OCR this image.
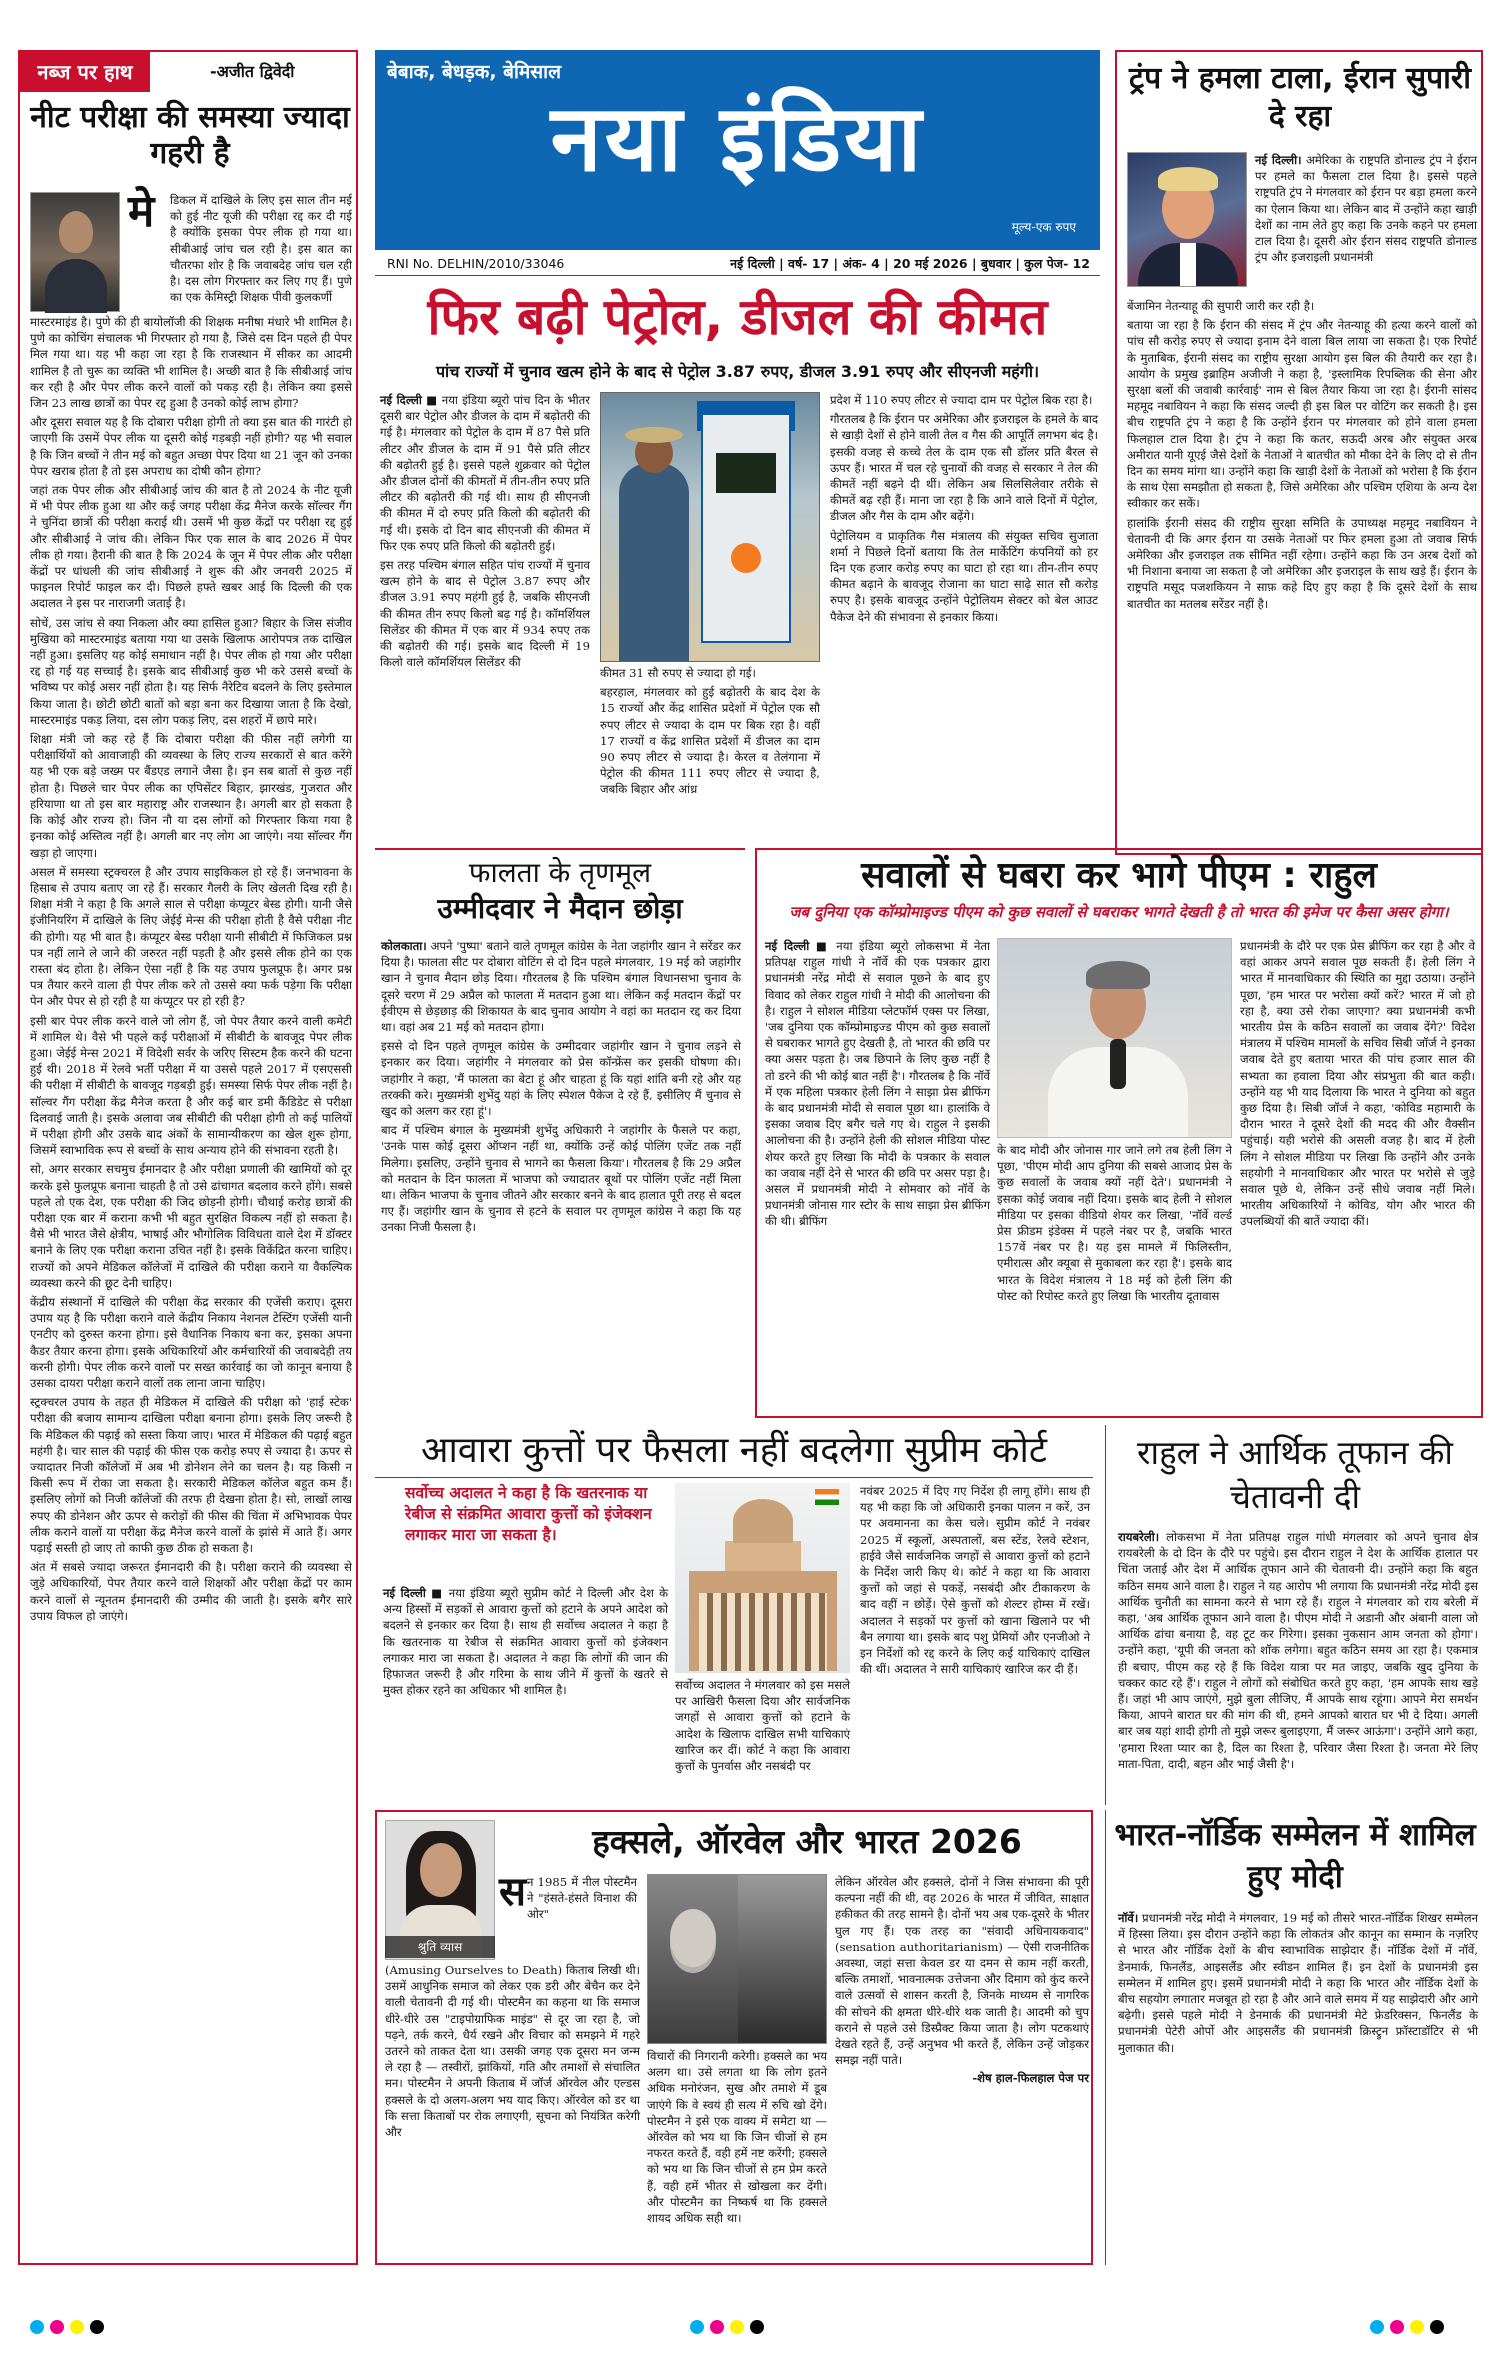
नब्ज पर हाथ	-अजीत द्विवेदी
नीट परीक्षा की समस्या ज्यादा गहरी है
मे डिकल में दाखिले के लिए इस साल तीन मई को हुई नीट यूजी की परीक्षा रद्द कर दी गई है क्योंकि इसका पेपर लीक हो गया था। सीबीआई जांच चल रही है। इस बात का चौतरफा शोर है कि जवाबदेह जांच चल रही है। दस लोग गिरफ्तार कर लिए गए हैं। पुणे का एक केमिस्ट्री शिक्षक पीवी कुलकर्णी

मास्टरमाइंड है। पुणे की ही बायोलॉजी की शिक्षक मनीषा मंधारे भी शामिल है। पुणे का कोचिंग संचालक भी गिरफ्तार हो गया है, जिसे दस दिन पहले ही पेपर मिल गया था। यह भी कहा जा रहा है कि राजस्थान में सीकर का आदमी शामिल है तो चुरू का व्यक्ति भी शामिल है। अच्छी बात है कि सीबीआई जांच कर रही है और पेपर लीक करने वालों को पकड़ रही है। लेकिन क्या इससे जिन 23 लाख छात्रों का पेपर रद्द हुआ है उनको कोई लाभ होगा?

और दूसरा सवाल यह है कि दोबारा परीक्षा होगी तो क्या इस बात की गारंटी हो जाएगी कि उसमें पेपर लीक या दूसरी कोई गड़बड़ी नहीं होगी? यह भी सवाल है कि जिन बच्चों ने तीन मई को बहुत अच्छा पेपर दिया था 21 जून को उनका पेपर खराब होता है तो इस अपराध का दोषी कौन होगा?

जहां तक पेपर लीक और सीबीआई जांच की बात है तो 2024 के नीट यूजी में भी पेपर लीक हुआ था और कई जगह परीक्षा केंद्र मैनेज करके सॉल्वर गैंग ने चुनिंदा छात्रों की परीक्षा कराई थी। उसमें भी कुछ केंद्रों पर परीक्षा रद्द हुई और सीबीआई ने जांच की। लेकिन फिर एक साल के बाद 2026 में पेपर लीक हो गया। हैरानी की बात है कि 2024 के जून में पेपर लीक और परीक्षा केंद्रों पर धांधली की जांच सीबीआई ने शुरू की और जनवरी 2025 में फाइनल रिपोर्ट फाइल कर दी। पिछले हफ्ते खबर आई कि दिल्ली की एक अदालत ने इस पर नाराजगी जताई है।

सोचें, उस जांच से क्या निकला और क्या हासिल हुआ? बिहार के जिस संजीव मुखिया को मास्टरमाइंड बताया गया था उसके खिलाफ आरोपपत्र तक दाखिल नहीं हुआ। इसलिए यह कोई समाधान नहीं है। पेपर लीक हो गया और परीक्षा रद्द हो गई यह सच्चाई है। इसके बाद सीबीआई कुछ भी करे उससे बच्चों के भविष्य पर कोई असर नहीं होता है। यह सिर्फ नैरेटिव बदलने के लिए इस्तेमाल किया जाता है। छोटी छोटी बातों को बड़ा बना कर दिखाया जाता है कि देखो, मास्टरमाइंड पकड़ लिया, दस लोग पकड़ लिए, दस शहरों में छापे मारे।

शिक्षा मंत्री जो कह रहे हैं कि दोबारा परीक्षा की फीस नहीं लगेगी या परीक्षार्थियों को आवाजाही की व्यवस्था के लिए राज्य सरकारों से बात करेंगे यह भी एक बड़े जख्म पर बैंडएड लगाने जैसा है। इन सब बातों से कुछ नहीं होता है। पिछले चार पेपर लीक का एपिसेंटर बिहार, झारखंड, गुजरात और हरियाणा था तो इस बार महाराष्ट्र और राजस्थान है। अगली बार हो सकता है कि कोई और राज्य हो। जिन नौ या दस लोगों को गिरफ्तार किया गया है इनका कोई अस्तित्व नहीं है। अगली बार नए लोग आ जाएंगे। नया सॉल्वर गैंग खड़ा हो जाएगा।

असल में समस्या स्ट्रक्चरल है और उपाय साइकिकल हो रहे हैं। जनभावना के हिसाब से उपाय बताए जा रहे हैं। सरकार गैलरी के लिए खेलती दिख रही है। शिक्षा मंत्री ने कहा है कि अगले साल से परीक्षा कंप्यूटर बेस्ड होगी। यानी जैसे इंजीनियरिंग में दाखिले के लिए जेईई मेन्स की परीक्षा होती है वैसे परीक्षा नीट की होगी। यह भी बात है। कंप्यूटर बेस्ड परीक्षा यानी सीबीटी में फिजिकल प्रश्न पत्र नहीं लाने ले जाने की जरुरत नहीं पड़ती है और इससे लीक होने का एक रास्ता बंद होता है। लेकिन ऐसा नहीं है कि यह उपाय फुलप्रूफ है। अगर प्रश्न पत्र तैयार करने वाला ही पेपर लीक करे तो उससे क्या फर्क पड़ेगा कि परीक्षा पेन और पेपर से हो रही है या कंप्यूटर पर हो रही है?

इसी बार पेपर लीक करने वाले जो लोग हैं, जो पेपर तैयार करने वाली कमेटी में शामिल थे। वैसे भी पहले कई परीक्षाओं में सीबीटी के बावजूद पेपर लीक हुआ। जेईई मेन्स 2021 में विदेशी सर्वर के जरिए सिस्टम हैक करने की घटना हुई थी। 2018 में रेलवे भर्ती परीक्षा में या उससे पहले 2017 में एसएससी की परीक्षा में सीबीटी के बावजूद गड़बड़ी हुई। समस्या सिर्फ पेपर लीक नहीं है। सॉल्वर गैंग परीक्षा केंद्र मैनेज करता है और कई बार डमी कैंडिडेट से परीक्षा दिलवाई जाती है। इसके अलावा जब सीबीटी की परीक्षा होगी तो कई पालियों में परीक्षा होगी और उसके बाद अंकों के सामान्यीकरण का खेल शुरू होगा, जिसमें स्वाभाविक रूप से बच्चों के साथ अन्याय होने की संभावना रहती है।

सो, अगर सरकार सचमुच ईमानदार है और परीक्षा प्रणाली की खामियों को दूर करके इसे फुलप्रूफ बनाना चाहती है तो उसे ढांचागत बदलाव करने होंगे। सबसे पहले तो एक देश, एक परीक्षा की जिद छोड़नी होगी। चौथाई करोड़ छात्रों की परीक्षा एक बार में कराना कभी भी बहुत सुरक्षित विकल्प नहीं हो सकता है। वैसे भी भारत जैसे क्षेत्रीय, भाषाई और भौगोलिक विविधता वाले देश में डॉक्टर बनाने के लिए एक परीक्षा कराना उचित नहीं है। इसके विकेंद्रित करना चाहिए। राज्यों को अपने मेडिकल कॉलेजों में दाखिले की परीक्षा कराने या वैकल्पिक व्यवस्था करने की छूट देनी चाहिए।

केंद्रीय संस्थानों में दाखिले की परीक्षा केंद्र सरकार की एजेंसी कराए। दूसरा उपाय यह है कि परीक्षा कराने वाले केंद्रीय निकाय नेशनल टेस्टिंग एजेंसी यानी एनटीए को दुरुस्त करना होगा। इसे वैधानिक निकाय बना कर, इसका अपना कैडर तैयार करना होगा। इसके अधिकारियों और कर्मचारियों की जवाबदेही तय करनी होगी। पेपर लीक करने वालों पर सख्त कार्रवाई का जो कानून बनाया है उसका दायरा परीक्षा कराने वालों तक लाना जाना चाहिए।

स्ट्रक्चरल उपाय के तहत ही मेडिकल में दाखिले की परीक्षा को 'हाई स्टेक' परीक्षा की बजाय सामान्य दाखिला परीक्षा बनाना होगा। इसके लिए जरूरी है कि मेडिकल की पढ़ाई को सस्ता किया जाए। भारत में मेडिकल की पढ़ाई बहुत महंगी है। चार साल की पढ़ाई की फीस एक करोड़ रुपए से ज्यादा है। ऊपर से ज्यादातर निजी कॉलेजों में अब भी डोनेशन लेने का चलन है। यह किसी न किसी रूप में रोका जा सकता है। सरकारी मेडिकल कॉलेज बहुत कम हैं। इसलिए लोगों को निजी कॉलेजों की तरफ ही देखना होता है। सो, लाखों लाख रुपए की डोनेशन और ऊपर से करोड़ों की फीस की चिंता में अभिभावक पेपर लीक कराने वालों या परीक्षा केंद्र मैनेज करने वालों के झांसे में आते हैं। अगर पढ़ाई सस्ती हो जाए तो काफी कुछ ठीक हो सकता है।

अंत में सबसे ज्यादा जरूरत ईमानदारी की है। परीक्षा कराने की व्यवस्था से जुड़े अधिकारियों, पेपर तैयार करने वाले शिक्षकों और परीक्षा केंद्रों पर काम करने वालों से न्यूनतम ईमानदारी की उम्मीद की जाती है। इसके बगैर सारे उपाय विफल हो जाएंगे।

बेबाक, बेधड़क, बेमिसाल
नया इंडिया
मूल्य-एक रुपए
RNI No. DELHIN/2010/33046	नई दिल्ली | वर्ष- 17 | अंक- 4 | 20 मई 2026 | बुधवार | कुल पेज- 12
फिर बढ़ी पेट्रोल, डीजल की कीमत
पांच राज्यों में चुनाव खत्म होने के बाद से पेट्रोल 3.87 रुपए, डीजल 3.91 रुपए और सीएनजी महंगी।

नई दिल्ली ■ नया इंडिया ब्यूरो पांच दिन के भीतर दूसरी बार पेट्रोल और डीजल के दाम में बढ़ोतरी की गई है। मंगलवार को पेट्रोल के दाम में 87 पैसे प्रति लीटर और डीजल के दाम में 91 पैसे प्रति लीटर की बढ़ोतरी हुई है। इससे पहले शुक्रवार को पेट्रोल और डीजल दोनों की कीमतों में तीन-तीन रुपए प्रति लीटर की बढ़ोतरी की गई थी। साथ ही सीएनजी की कीमत में दो रुपए प्रति किलो की बढ़ोतरी की गई थी। इसके दो दिन बाद सीएनजी की कीमत में फिर एक रुपए प्रति किलो की बढ़ोतरी हुई।

इस तरह पश्चिम बंगाल सहित पांच राज्यों में चुनाव खत्म होने के बाद से पेट्रोल 3.87 रुपए और डीजल 3.91 रुपए महंगी हुई है, जबकि सीएनजी की कीमत तीन रुपए किलो बढ़ गई है। कॉमर्शियल सिलेंडर की कीमत में एक बार में 934 रुपए तक की बढ़ोतरी की गई। इसके बाद दिल्ली में 19 किलो वाले कॉमर्शियल सिलेंडर की

कीमत 31 सौ रुपए से ज्यादा हो गई।

बहरहाल, मंगलवार को हुई बढ़ोतरी के बाद देश के 15 राज्यों और केंद्र शासित प्रदेशों में पेट्रोल एक सौ रुपए लीटर से ज्यादा के दाम पर बिक रहा है। वहीं 17 राज्यों व केंद्र शासित प्रदेशों में डीजल का दाम 90 रुपए लीटर से ज्यादा है। केरल व तेलंगाना में पेट्रोल की कीमत 111 रुपए लीटर से ज्यादा है, जबकि बिहार और आंध्र

प्रदेश में 110 रुपए लीटर से ज्यादा दाम पर पेट्रोल बिक रहा है।

गौरतलब है कि ईरान पर अमेरिका और इजराइल के हमले के बाद से खाड़ी देशों से होने वाली तेल व गैस की आपूर्ति लगभग बंद है। इसकी वजह से कच्चे तेल के दाम एक सौ डॉलर प्रति बैरल से ऊपर हैं। भारत में चल रहे चुनावों की वजह से सरकार ने तेल की कीमतें नहीं बढ़ने दी थीं। लेकिन अब सिलसिलेवार तरीके से कीमतें बढ़ रही हैं। माना जा रहा है कि आने वाले दिनों में पेट्रोल, डीजल और गैस के दाम और बढ़ेंगे।

पेट्रोलियम व प्राकृतिक गैस मंत्रालय की संयुक्त सचिव सुजाता शर्मा ने पिछले दिनों बताया कि तेल मार्केटिंग कंपनियों को हर दिन एक हजार करोड़ रुपए का घाटा हो रहा था। तीन-तीन रुपए कीमत बढ़ाने के बावजूद रोजाना का घाटा साढ़े सात सौ करोड़ रुपए है। इसके बावजूद उन्होंने पेट्रोलियम सेक्टर को बेल आउट पैकेज देने की संभावना से इनकार किया।

ट्रंप ने हमला टाला, ईरान सुपारी दे रहा
नई दिल्ली। अमेरिका के राष्ट्रपति डोनाल्ड ट्रंप ने ईरान पर हमले का फैसला टाल दिया है। इससे पहले राष्ट्रपति ट्रंप ने मंगलवार को ईरान पर बड़ा हमला करने का ऐलान किया था। लेकिन बाद में उन्होंने कहा खाड़ी देशों का नाम लेते हुए कहा कि उनके कहने पर हमला टाल दिया है। दूसरी ओर ईरान संसद राष्ट्रपति डोनाल्ड ट्रंप और इजराइली प्रधानमंत्री

बेंजामिन नेतन्याहू की सुपारी जारी कर रही है।

बताया जा रहा है कि ईरान की संसद में ट्रंप और नेतन्याहू की हत्या करने वालों को पांच सौ करोड़ रुपए से ज्यादा इनाम देने वाला बिल लाया जा सकता है। एक रिपोर्ट के मुताबिक, ईरानी संसद का राष्ट्रीय सुरक्षा आयोग इस बिल की तैयारी कर रहा है। आयोग के प्रमुख इब्राहिम अजीजी ने कहा है, 'इस्लामिक रिपब्लिक की सेना और सुरक्षा बलों की जवाबी कार्रवाई' नाम से बिल तैयार किया जा रहा है। ईरानी सांसद महमूद नबावियन ने कहा कि संसद जल्दी ही इस बिल पर वोटिंग कर सकती है। इस बीच राष्ट्रपति ट्रंप ने कहा है कि उन्होंने ईरान पर मंगलवार को होने वाला हमला फिलहाल टाल दिया है। ट्रंप ने कहा कि कतर, सऊदी अरब और संयुक्त अरब अमीरात यानी यूएई जैसे देशों के नेताओं ने बातचीत को मौका देने के लिए दो से तीन दिन का समय मांगा था। उन्होंने कहा कि खाड़ी देशों के नेताओं को भरोसा है कि ईरान के साथ ऐसा समझौता हो सकता है, जिसे अमेरिका और पश्चिम एशिया के अन्य देश स्वीकार कर सकें।

हालांकि ईरानी संसद की राष्ट्रीय सुरक्षा समिति के उपाध्यक्ष महमूद नबावियन ने चेतावनी दी कि अगर ईरान या उसके नेताओं पर फिर हमला हुआ तो जवाब सिर्फ अमेरिका और इजराइल तक सीमित नहीं रहेगा। उन्होंने कहा कि उन अरब देशों को भी निशाना बनाया जा सकता है जो अमेरिका और इजराइल के साथ खड़े हैं। ईरान के राष्ट्रपति मसूद पजशकियन ने साफ़ कहे दिए हुए कहा है कि दूसरे देशों के साथ बातचीत का मतलब सरेंडर नहीं है।

फालता के तृणमूल
उम्मीदवार ने मैदान छोड़ा

कोलकाता। अपने 'पुष्पा' बताने वाले तृणमूल कांग्रेस के नेता जहांगीर खान ने सरेंडर कर दिया है। फालता सीट पर दोबारा वोटिंग से दो दिन पहले मंगलवार, 19 मई को जहांगीर खान ने चुनाव मैदान छोड़ दिया। गौरतलब है कि पश्चिम बंगाल विधानसभा चुनाव के दूसरे चरण में 29 अप्रैल को फालता में मतदान हुआ था। लेकिन कई मतदान केंद्रों पर ईवीएम से छेड़छाड़ की शिकायत के बाद चुनाव आयोग ने वहां का मतदान रद्द कर दिया था। वहां अब 21 मई को मतदान होगा।

इससे दो दिन पहले तृणमूल कांग्रेस के उम्मीदवार जहांगीर खान ने चुनाव लड़ने से इनकार कर दिया। जहांगीर ने मंगलवार को प्रेस कॉन्फ्रेंस कर इसकी घोषणा की। जहांगीर ने कहा, 'मैं फालता का बेटा हूं और चाहता हूं कि यहां शांति बनी रहे और यह तरक्की करे। मुख्यमंत्री शुभेंदु यहां के लिए स्पेशल पैकेज दे रहे हैं, इसीलिए मैं चुनाव से खुद को अलग कर रहा हूं'।

बाद में पश्चिम बंगाल के मुख्यमंत्री शुभेंदु अधिकारी ने जहांगीर के फैसले पर कहा, 'उनके पास कोई दूसरा ऑप्शन नहीं था, क्योंकि उन्हें कोई पोलिंग एजेंट तक नहीं मिलेगा। इसलिए, उन्होंने चुनाव से भागने का फैसला किया'। गौरतलब है कि 29 अप्रैल को मतदान के दिन फालता में भाजपा को ज्यादातर बूथों पर पोलिंग एजेंट नहीं मिला था। लेकिन भाजपा के चुनाव जीतने और सरकार बनने के बाद हालात पूरी तरह से बदल गए हैं। जहांगीर खान के चुनाव से हटने के सवाल पर तृणमूल कांग्रेस ने कहा कि यह उनका निजी फैसला है।

सवालों से घबरा कर भागे पीएम : राहुल
जब दुनिया एक कॉम्प्रोमाइज्ड पीएम को कुछ सवालों से घबराकर भागते देखती है तो भारत की इमेज पर कैसा असर होगा।
नई दिल्ली ■ नया इंडिया ब्यूरो लोकसभा में नेता प्रतिपक्ष राहुल गांधी ने नॉर्वे की एक पत्रकार द्वारा प्रधानमंत्री नरेंद्र मोदी से सवाल पूछने के बाद हुए विवाद को लेकर राहुल गांधी ने मोदी की आलोचना की है। राहुल ने सोशल मीडिया प्लेटफॉर्म एक्स पर लिखा, 'जब दुनिया एक कॉम्प्रोमाइज्ड पीएम को कुछ सवालों से घबराकर भागते हुए देखती है, तो भारत की छवि पर क्या असर पड़ता है। जब छिपाने के लिए कुछ नहीं है तो डरने की भी कोई बात नहीं है'। गौरतलब है कि नॉर्वे में एक महिला पत्रकार हेली लिंग ने साझा प्रेस ब्रीफिंग के बाद प्रधानमंत्री मोदी से सवाल पूछा था। हालांकि वे इसका जवाब दिए बगैर चले गए थे। राहुल ने इसकी आलोचना की है। उन्होंने हेली की सोशल मीडिया पोस्ट शेयर करते हुए लिखा कि मोदी के पत्रकार के सवाल का जवाब नहीं देने से भारत की छवि पर असर पड़ा है। असल में प्रधानमंत्री मोदी ने सोमवार को नॉर्वे के प्रधानमंत्री जोनास गार स्टोर के साथ साझा प्रेस ब्रीफिंग की थी। ब्रीफिंग
के बाद मोदी और जोनास गार जाने लगे तब हेली लिंग ने पूछा, 'पीएम मोदी आप दुनिया की सबसे आजाद प्रेस के कुछ सवालों के जवाब क्यों नहीं देते'। प्रधानमंत्री ने इसका कोई जवाब नहीं दिया। इसके बाद हेली ने सोशल मीडिया पर इसका वीडियो शेयर कर लिखा, 'नॉर्वे वर्ल्ड प्रेस फ्रीडम इंडेक्स में पहले नंबर पर है, जबकि भारत 157वें नंबर पर है। यह इस मामले में फिलिस्तीन, एमीरात्स और क्यूबा से मुकाबला कर रहा है'। इसके बाद भारत के विदेश मंत्रालय ने 18 मई को हेली लिंग की पोस्ट को रिपोस्ट करते हुए लिखा कि भारतीय दूतावास
प्रधानमंत्री के दौरे पर एक प्रेस ब्रीफिंग कर रहा है और वे वहां आकर अपने सवाल पूछ सकती हैं। हेली लिंग ने भारत में मानवाधिकार की स्थिति का मुद्दा उठाया। उन्होंने पूछा, 'हम भारत पर भरोसा क्यों करें? भारत में जो हो रहा है, क्या उसे रोका जाएगा? क्या प्रधानमंत्री कभी भारतीय प्रेस के कठिन सवालों का जवाब देंगे?' विदेश मंत्रालय में पश्चिम मामलों के सचिव सिबी जॉर्ज ने इनका जवाब देते हुए बताया भारत की पांच हजार साल की सभ्यता का हवाला दिया और संप्रभुता की बात कही। उन्होंने यह भी याद दिलाया कि भारत ने दुनिया को बहुत कुछ दिया है। सिबी जॉर्ज ने कहा, 'कोविड महामारी के दौरान भारत ने दूसरे देशों की मदद की और वैक्सीन पहुंचाई। यही भरोसे की असली वजह है। बाद में हेली लिंग ने सोशल मीडिया पर लिखा कि उन्होंने और उनके सहयोगी ने मानवाधिकार और भारत पर भरोसे से जुड़े सवाल पूछे थे, लेकिन उन्हें सीधे जवाब नहीं मिले। भारतीय अधिकारियों ने कोविड, योग और भारत की उपलब्धियों की बातें ज्यादा कीं।
आवारा कुत्तों पर फैसला नहीं बदलेगा सुप्रीम कोर्ट
सर्वोच्च अदालत ने कहा है कि खतरनाक या रेबीज से संक्रमित आवारा कुत्तों को इंजेक्शन लगाकर मारा जा सकता है।
नई दिल्ली ■ नया इंडिया ब्यूरो सुप्रीम कोर्ट ने दिल्ली और देश के अन्य हिस्सों में सड़कों से आवारा कुत्तों को हटाने के अपने आदेश को बदलने से इनकार कर दिया है। साथ ही सर्वोच्च अदालत ने कहा है कि खतरनाक या रेबीज से संक्रमित आवारा कुत्तों को इंजेक्शन लगाकर मारा जा सकता है। अदालत ने कहा कि लोगों की जान की हिफाजत जरूरी है और गरिमा के साथ जीने में कुत्तों के खतरे से मुक्त होकर रहने का अधिकार भी शामिल है।	सर्वोच्च अदालत ने मंगलवार को इस मसले पर आखिरी फैसला दिया और सार्वजनिक जगहों से आवारा कुत्तों को हटाने के आदेश के खिलाफ दाखिल सभी याचिकाएं खारिज कर दीं। कोर्ट ने कहा कि आवारा कुत्तों के पुनर्वास और नसबंदी पर
नवंबर 2025 में दिए गए निर्देश ही लागू होंगे। साथ ही यह भी कहा कि जो अधिकारी इनका पालन न करें, उन पर अवमानना का केस चले। सुप्रीम कोर्ट ने नवंबर 2025 में स्कूलों, अस्पतालों, बस स्टेंड, रेलवे स्टेशन, हाईवे जैसे सार्वजनिक जगहों से आवारा कुत्तों को हटाने के निर्देश जारी किए थे। कोर्ट ने कहा था कि आवारा कुत्तों को जहां से पकड़ें, नसबंदी और टीकाकरण के बाद वहीं न छोड़ें। ऐसे कुत्तों को शेल्टर होम्स में रखें। अदालत ने सड़कों पर कुत्तों को खाना खिलाने पर भी बैन लगाया था। इसके बाद पशु प्रेमियों और एनजीओ ने इन निर्देशों को रद्द करने के लिए कई याचिकाएं दाखिल की थीं। अदालत ने सारी याचिकाएं खारिज कर दी हैं।
राहुल ने आर्थिक तूफान की चेतावनी दी
रायबरेली। लोकसभा में नेता प्रतिपक्ष राहुल गांधी मंगलवार को अपने चुनाव क्षेत्र रायबरेली के दो दिन के दौरे पर पहुंचे। इस दौरान राहुल ने देश के आर्थिक हालात पर चिंता जताई और देश में आर्थिक तूफान आने की चेतावनी दी। उन्होंने कहा कि बहुत कठिन समय आने वाला है। राहुल ने यह आरोप भी लगाया कि प्रधानमंत्री नरेंद्र मोदी इस आर्थिक चुनौती का सामना करने से भाग रहे हैं। राहुल ने मंगलवार को राय बरेली में कहा, 'अब आर्थिक तूफान आने वाला है। पीएम मोदी ने अडानी और अंबानी वाला जो आर्थिक ढांचा बनाया है, वह टूट कर गिरेगा। इसका नुकसान आम जनता को होगा'। उन्होंने कहा, 'यूपी की जनता को शॉक लगेगा। बहुत कठिन समय आ रहा है। एकमात्र ही बचाए, पीएम कह रहे हैं कि विदेश यात्रा पर मत जाइए, जबकि खुद दुनिया के चक्कर काट रहे हैं'। राहुल ने लोगों को संबोधित करते हुए कहा, 'हम आपके साथ खड़े हैं। जहां भी आप जाएंगे, मुझे बुला लीजिए, मैं आपके साथ रहूंगा। आपने मेरा समर्थन किया, आपने बारात घर की मांग की थी, हमने आपको बारात घर भी दे दिया। अगली बार जब यहां शादी होगी तो मुझे जरूर बुलाइएगा, मैं जरूर आऊंगा'। उन्होंने आगे कहा, 'हमारा रिश्ता प्यार का है, दिल का रिश्ता है, परिवार जैसा रिश्ता है। जनता मेरे लिए माता-पिता, दादी, बहन और भाई जैसी है'।
श्रुति व्यास
हक्सले, ऑरवेल और भारत 2026
स न 1985 में नील पोस्टमैन ने "हंसते-हंसते विनाश की ओर"
(Amusing Ourselves to Death) किताब लिखी थी। उसमें आधुनिक समाज को लेकर एक डरी और बेचैन कर देने वाली चेतावनी दी गई थी। पोस्टमैन का कहना था कि समाज धीरे-धीरे उस "टाइपोग्राफिक माइंड" से दूर जा रहा है, जो पढ़ने, तर्क करने, धैर्य रखने और विचार को समझने में गहरे उतरने को ताकत देता था। उसकी जगह एक दूसरा मन जन्म ले रहा है — तस्वीरों, झांकियों, गति और तमाशों से संचालित मन। पोस्टमैन ने अपनी किताब में जॉर्ज ऑरवेल और एल्डस हक्सले के दो अलग-अलग भय याद किए। ऑरवेल को डर था कि सत्ता किताबों पर रोक लगाएगी, सूचना को नियंत्रित करेगी और
विचारों की निगरानी करेगी। हक्सले का भय अलग था। उसे लगता था कि लोग इतने अधिक मनोरंजन, सुख और तमाशे में डूब जाएंगे कि वे स्वयं ही सत्य में रुचि खो देंगे। पोस्टमैन ने इसे एक वाक्य में समेटा था — ऑरवेल को भय था कि जिन चीजों से हम नफरत करते हैं, वही हमें नष्ट करेंगी; हक्सले को भय था कि जिन चीजों से हम प्रेम करते हैं, वही हमें भीतर से खोखला कर देंगी। और पोस्टमैन का निष्कर्ष था कि हक्सले शायद अधिक सही था।
लेकिन ऑरवेल और हक्सले, दोनों ने जिस संभावना की पूरी कल्पना नहीं की थी, वह 2026 के भारत में जीवित, साक्षात हकीकत की तरह सामने है। दोनों भय अब एक-दूसरे के भीतर घुल गए हैं। एक तरह का "संवादी अधिनायकवाद" (sensation authoritarianism) — ऐसी राजनीतिक अवस्था, जहां सत्ता केवल डर या दमन से काम नहीं करती, बल्कि तमाशों, भावनात्मक उत्तेजना और दिमाग को कुंद करने वाले उत्सवों से शासन करती है, जिनके माध्यम से नागरिक की सोचने की क्षमता धीरे-धीरे थक जाती है। आदमी को चुप कराने से पहले उसे डिस्प्रैक्ट किया जाता है। लोग पटकथाएं देखते रहते हैं, उन्हें अनुभव भी करते हैं, लेकिन उन्हें जोड़कर समझ नहीं पाते।
-शेष हाल-फिलहाल पेज पर
भारत-नॉर्डिक सम्मेलन में शामिल हुए मोदी
नॉर्वे। प्रधानमंत्री नरेंद्र मोदी ने मंगलवार, 19 मई को तीसरे भारत-नॉर्डिक शिखर सम्मेलन में हिस्सा लिया। इस दौरान उन्होंने कहा कि लोकतंत्र और कानून का सम्मान के नज़रिए से भारत और नॉर्डिक देशों के बीच स्वाभाविक साझेदार हैं। नॉर्डिक देशों में नॉर्वे, डेनमार्क, फिनलैंड, आइसलैंड और स्वीडन शामिल हैं। इन देशों के प्रधानमंत्री इस सम्मेलन में शामिल हुए। इसमें प्रधानमंत्री मोदी ने कहा कि भारत और नॉर्डिक देशों के बीच सहयोग लगातार मजबूत हो रहा है और आने वाले समय में यह साझेदारी और आगे बढ़ेगी। इससे पहले मोदी ने डेनमार्क की प्रधानमंत्री मेटे फ्रेडरिक्सन, फिनलैंड के प्रधानमंत्री पेटेरी ओर्पो और आइसलैंड की प्रधानमंत्री क्रिस्ट्रुन फ्रॉस्टाडॉटिर से भी मुलाकात की।
